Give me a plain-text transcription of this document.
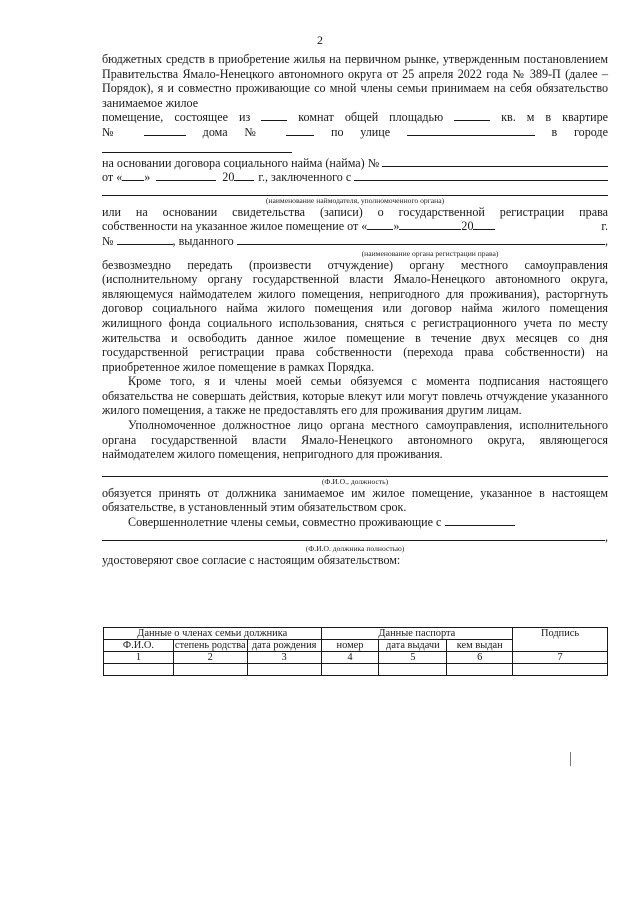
2

бюджетных средств в приобретение жилья на первичном рынке, утвержденным постановлением Правительства Ямало-Ненецкого автономного округа от 25 апреля 2022 года № 389-П (далее – Порядок), я и совместно проживающие со мной члены семьи принимаем на себя обязательство занимаемое жилое

помещение, состоящее из	комнат общей площадью	кв. м в квартире

№	дома №	по улице	в городе

на основании договора социального найма (найма) №

от « »	20 г., заключенного с

(наименование наймодателя, уполномоченного органа)

или на основании свидетельства (записи) о государственной регистрации права

собственности на указанное жилое помещение от « »	20	г.

№	, выданного	,

(наименование органа регистрации права)

безвозмездно передать (произвести отчуждение) органу местного самоуправления (исполнительному органу государственной власти Ямало-Ненецкого автономного округа, являющемуся наймодателем жилого помещения, непригодного для проживания), расторгнуть договор социального найма жилого помещения или договор найма жилого помещения жилищного фонда социального использования, сняться с регистрационного учета по месту жительства и освободить данное жилое помещение в течение двух месяцев со дня государственной регистрации права собственности (перехода права собственности) на приобретенное жилое помещение в рамках Порядка.

Кроме того, я и члены моей семьи обязуемся с момента подписания настоящего обязательства не совершать действия, которые влекут или могут повлечь отчуждение указанного жилого помещения, а также не предоставлять его для проживания другим лицам.

Уполномоченное должностное лицо органа местного самоуправления, исполнительного органа государственной власти Ямало-Ненецкого автономного округа, являющегося наймодателем жилого помещения, непригодного для проживания.

(Ф.И.О., должность)

обязуется принять от должника занимаемое им жилое помещение, указанное в настоящем обязательстве, в установленный этим обязательством срок.

Совершеннолетние члены семьи, совместно проживающие с

,

(Ф.И.О. должника полностью)

удостоверяют свое согласие с настоящим обязательством:

Данные о членах семьи должника			Данные паспорта			Подпись
Ф.И.О.	степень родства	дата рождения	номер	дата выдачи	кем выдан	
1	2	3	4	5	6	7
